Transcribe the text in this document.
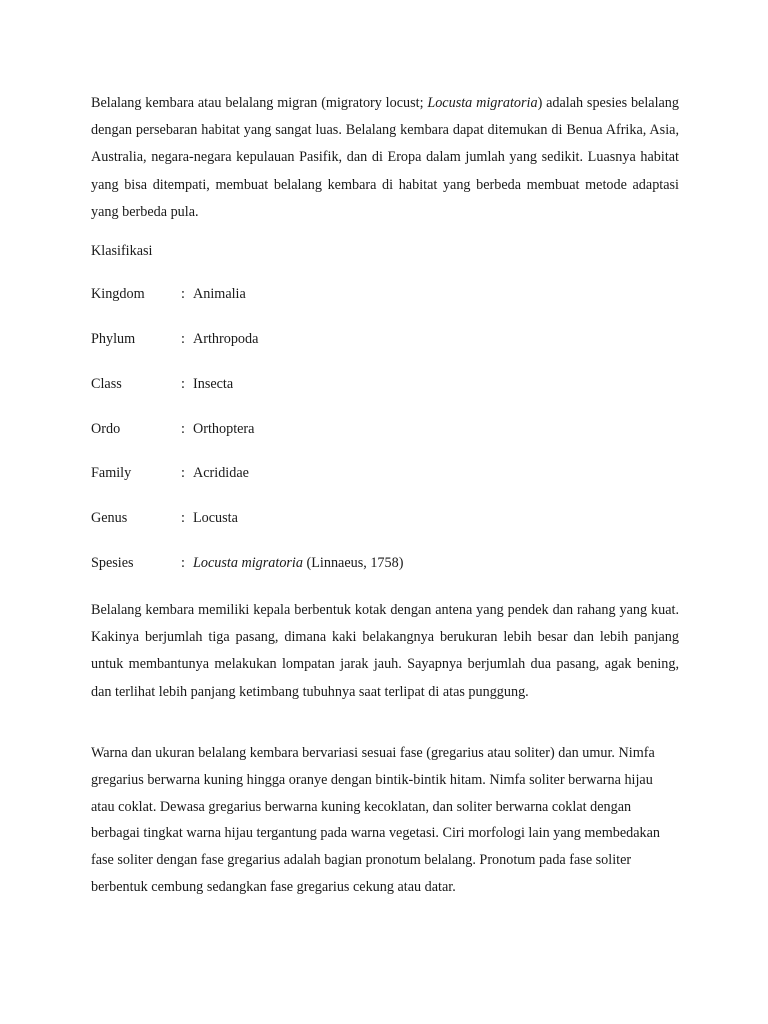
Belalang kembara atau belalang migran (migratory locust; Locusta migratoria) adalah spesies belalang dengan persebaran habitat yang sangat luas. Belalang kembara dapat ditemukan di Benua Afrika, Asia, Australia, negara-negara kepulauan Pasifik, dan di Eropa dalam jumlah yang sedikit. Luasnya habitat yang bisa ditempati, membuat belalang kembara di habitat yang berbeda membuat metode adaptasi yang berbeda pula.

Klasifikasi

Kingdom	: Animalia
Phylum	: Arthropoda
Class	: Insecta
Ordo	: Orthoptera
Family	: Acrididae
Genus	: Locusta
Spesies	: Locusta migratoria (Linnaeus, 1758)

Belalang kembara memiliki kepala berbentuk kotak dengan antena yang pendek dan rahang yang kuat. Kakinya berjumlah tiga pasang, dimana kaki belakangnya berukuran lebih besar dan lebih panjang untuk membantunya melakukan lompatan jarak jauh. Sayapnya berjumlah dua pasang, agak bening, dan terlihat lebih panjang ketimbang tubuhnya saat terlipat di atas punggung.

Warna dan ukuran belalang kembara bervariasi sesuai fase (gregarius atau soliter) dan umur. Nimfa gregarius berwarna kuning hingga oranye dengan bintik-bintik hitam. Nimfa soliter berwarna hijau atau coklat. Dewasa gregarius berwarna kuning kecoklatan, dan soliter berwarna coklat dengan berbagai tingkat warna hijau tergantung pada warna vegetasi. Ciri morfologi lain yang membedakan fase soliter dengan fase gregarius adalah bagian pronotum belalang. Pronotum pada fase soliter berbentuk cembung sedangkan fase gregarius cekung atau datar.
